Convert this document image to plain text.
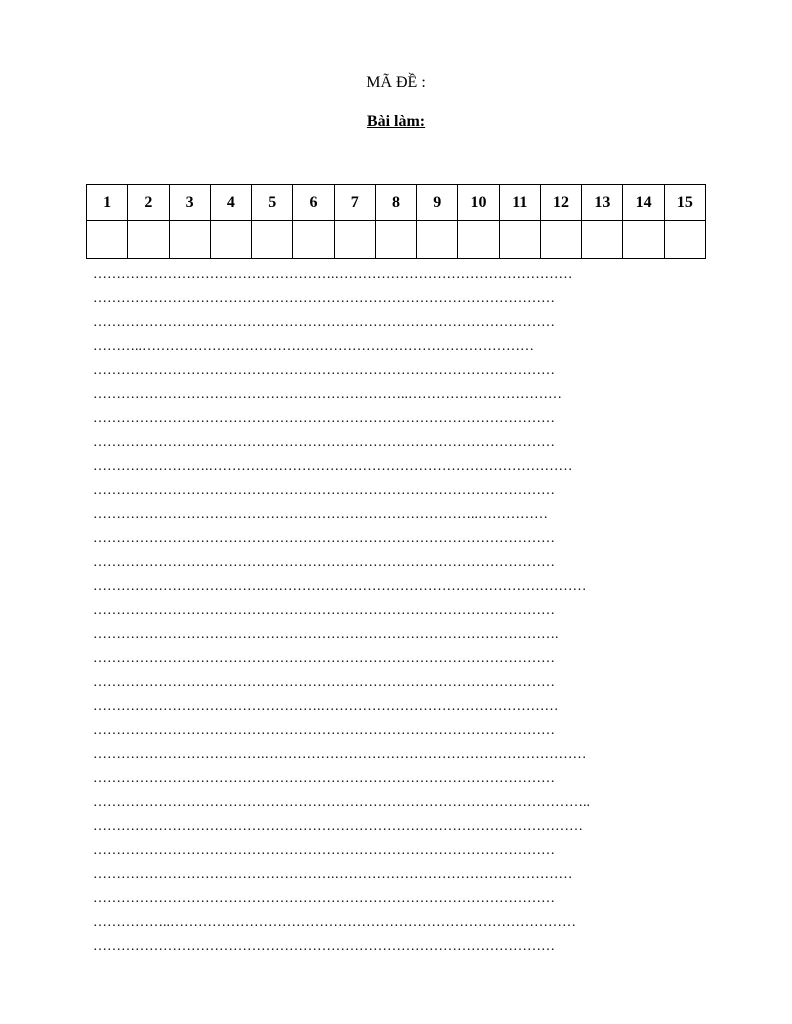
MÃ ĐỀ :
Bài làm:
1	2	3	4	5	6	7	8	9	10	11	12	13	14	15

…………………………………………….……………………………………………
………………………………………………………………………………………
………………………………………………………………………………………
………..…………………………………………………………………………
………………………………………………………………………………………
…………………………………………………………..……………………………
………………………………………………………………………………………
………………………………………………………………………………………
…………………….……………………………………………………………………
………………………………………………………………………………………
………………………………………………………………………..……………
………………………………………………………………………………………
………………………………………………………………………………………
……………………………….……………………………………………………………
………………………………………………………………………………………
……………………………………………………………………………………….
………………………………………………………………………………………
………………………………………………………………………………………
………………………………………….……………………………………………
………………………………………………………………………………………
……………………………….……………………………………………………………
………………………………………………………………………………………
……………………………………………………………………………………………..
……………………………………………………………………………………………
………………………………………………………………………………………
…………………………………………….……………………………………………
………………………………………………………………………………………
……………..……………………………………………………………………………
………………………………………………………………………………………
